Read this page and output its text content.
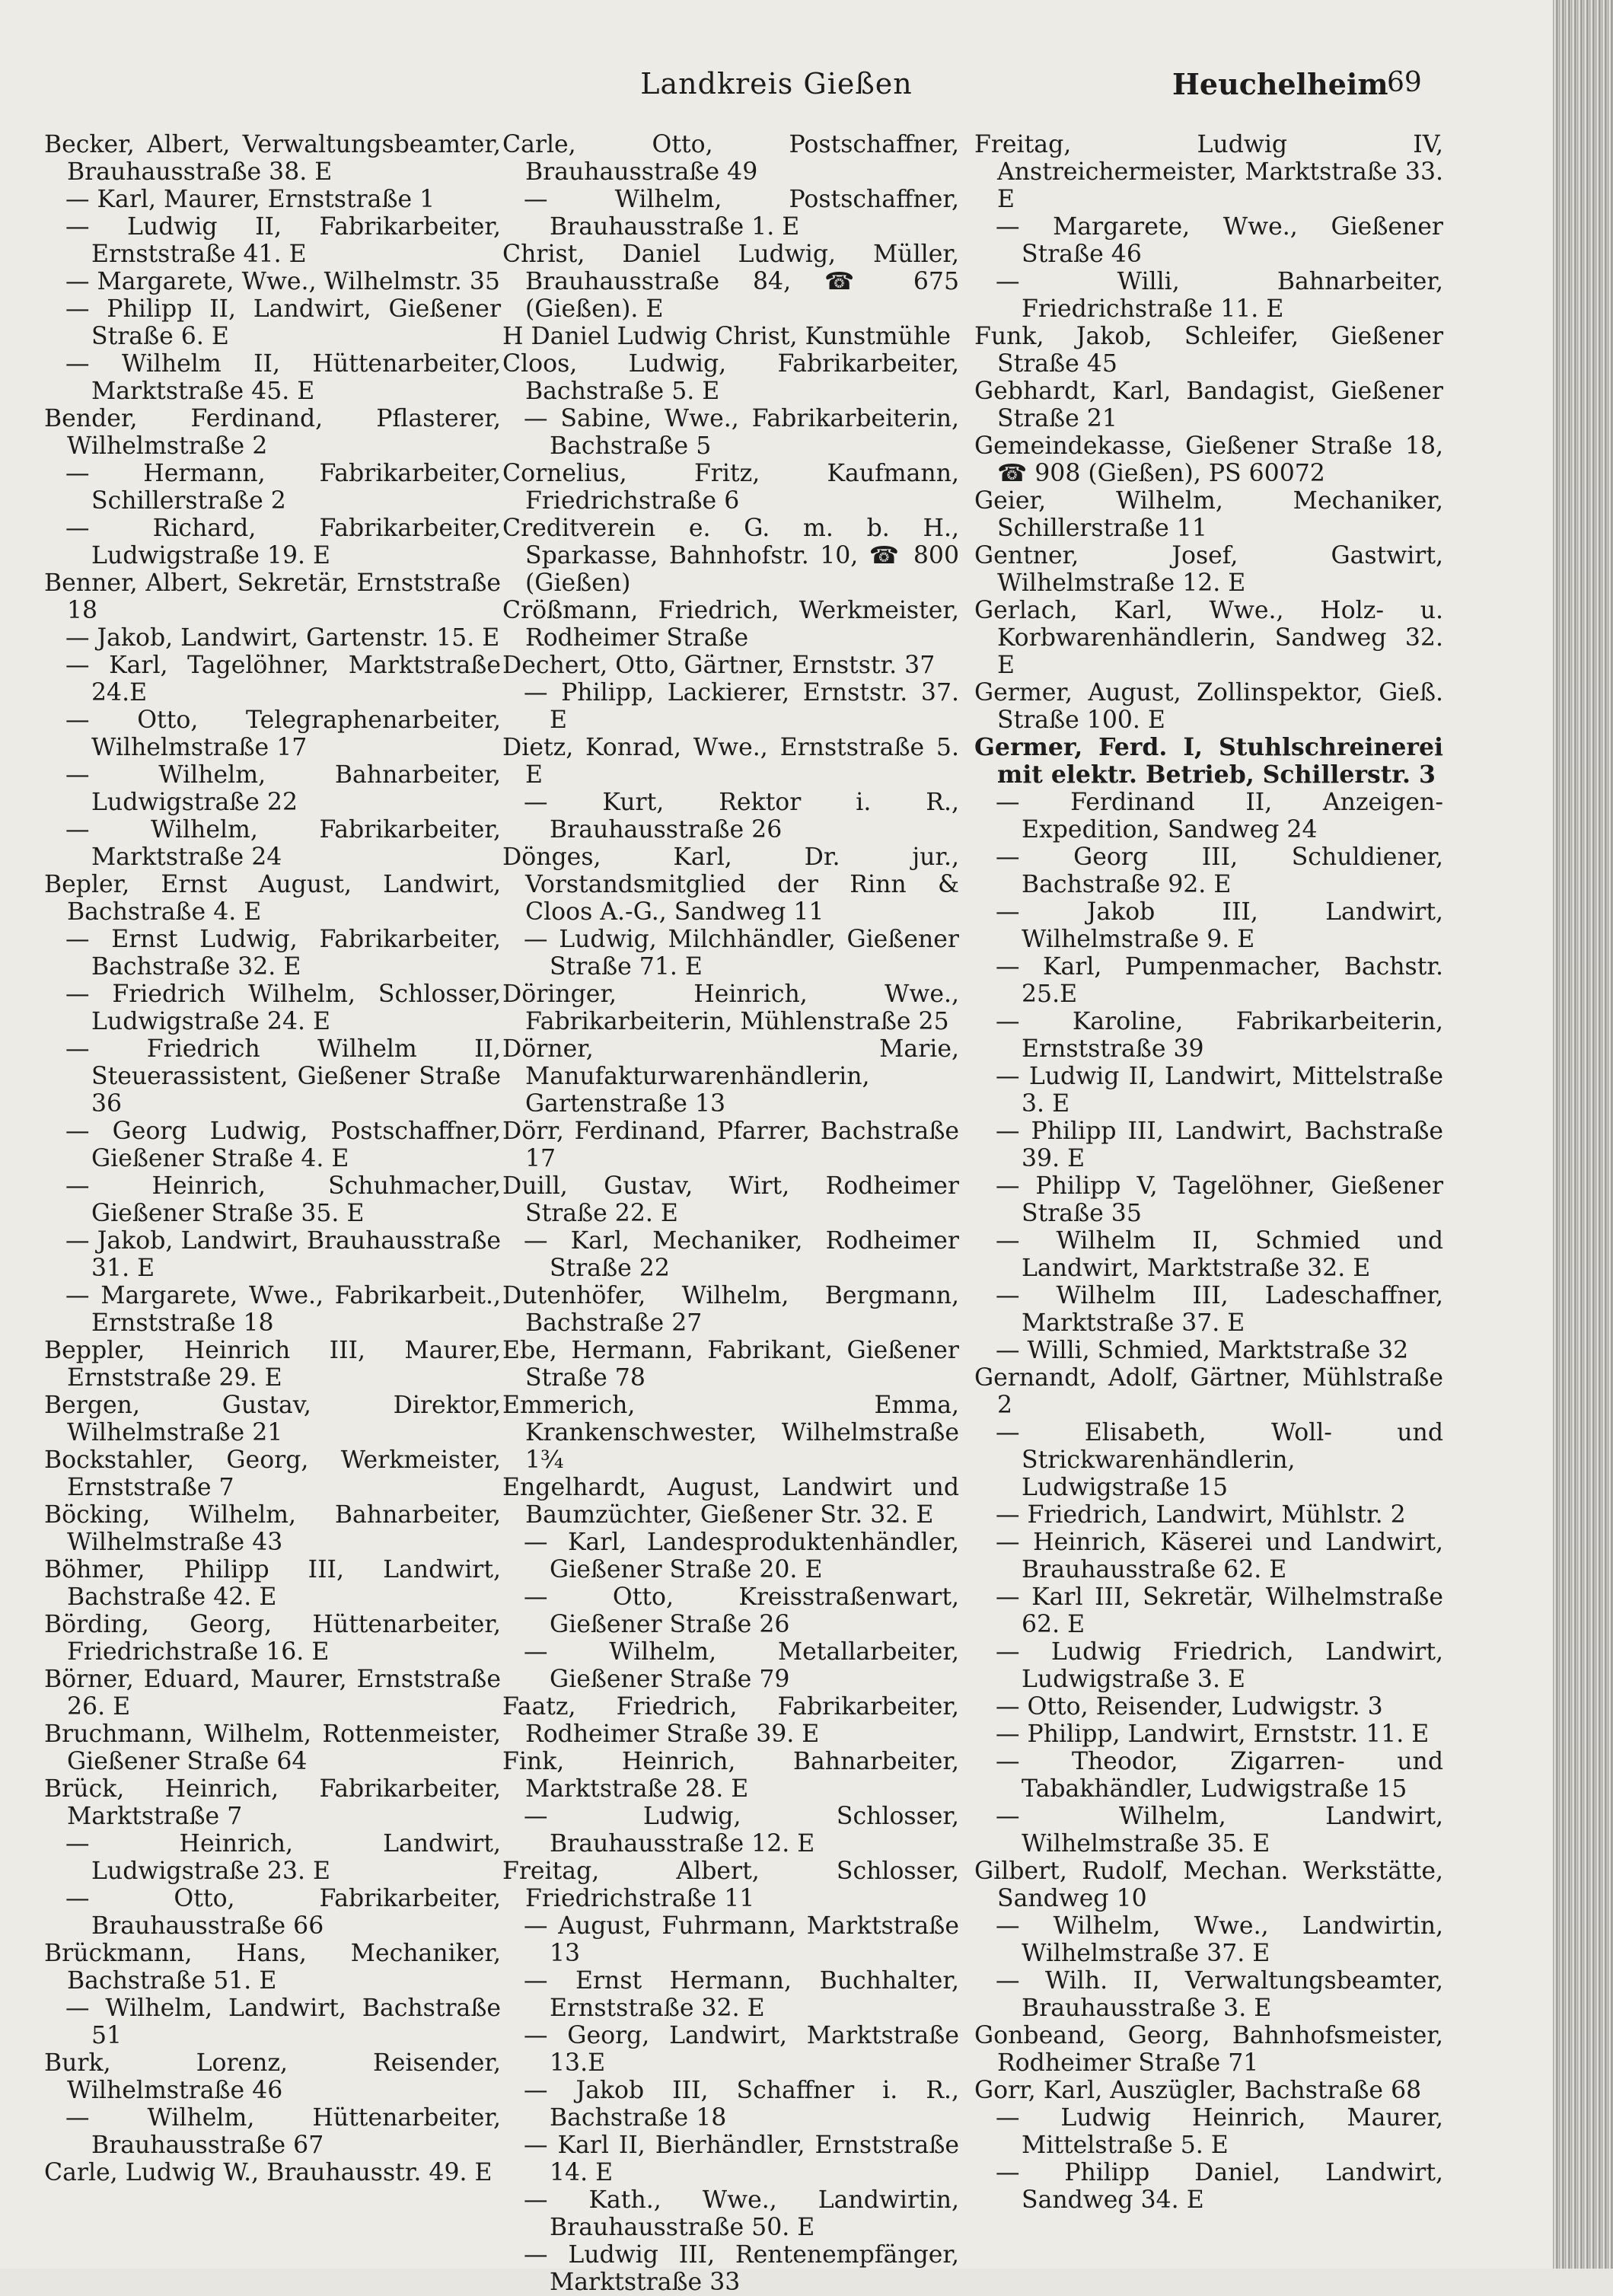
Landkreis Gießen	Heuchelheim
69

Becker, Albert, Verwaltungsbeamter, Brauhausstraße 38. E

— Karl, Maurer, Ernststraße 1

— Ludwig II, Fabrikarbeiter, Ernststraße 41. E

— Margarete, Wwe., Wilhelmstr. 35

— Philipp II, Landwirt, Gießener Straße 6. E

— Wilhelm II, Hüttenarbeiter, Marktstraße 45. E

Bender, Ferdinand, Pflasterer, Wilhelmstraße 2

— Hermann, Fabrikarbeiter, Schillerstraße 2

— Richard, Fabrikarbeiter, Ludwigstraße 19. E

Benner, Albert, Sekretär, Ernststraße 18

— Jakob, Landwirt, Gartenstr. 15. E

— Karl, Tagelöhner, Marktstraße 24.E

— Otto, Telegraphenarbeiter, Wilhelmstraße 17

— Wilhelm, Bahnarbeiter, Ludwigstraße 22

— Wilhelm, Fabrikarbeiter, Marktstraße 24

Bepler, Ernst August, Landwirt, Bachstraße 4. E

— Ernst Ludwig, Fabrikarbeiter, Bachstraße 32. E

— Friedrich Wilhelm, Schlosser, Ludwigstraße 24. E

— Friedrich Wilhelm II, Steuerassistent, Gießener Straße 36

— Georg Ludwig, Postschaffner, Gießener Straße 4. E

— Heinrich, Schuhmacher, Gießener Straße 35. E

— Jakob, Landwirt, Brauhausstraße 31. E

— Margarete, Wwe., Fabrikarbeit., Ernststraße 18

Beppler, Heinrich III, Maurer, Ernststraße 29. E

Bergen, Gustav, Direktor, Wilhelmstraße 21

Bockstahler, Georg, Werkmeister, Ernststraße 7

Böcking, Wilhelm, Bahnarbeiter, Wilhelmstraße 43

Böhmer, Philipp III, Landwirt, Bachstraße 42. E

Börding, Georg, Hüttenarbeiter, Friedrichstraße 16. E

Börner, Eduard, Maurer, Ernststraße 26. E

Bruchmann, Wilhelm, Rottenmeister, Gießener Straße 64

Brück, Heinrich, Fabrikarbeiter, Marktstraße 7

— Heinrich, Landwirt, Ludwigstraße 23. E

— Otto, Fabrikarbeiter, Brauhausstraße 66

Brückmann, Hans, Mechaniker, Bachstraße 51. E

— Wilhelm, Landwirt, Bachstraße 51

Burk, Lorenz, Reisender, Wilhelmstraße 46

— Wilhelm, Hüttenarbeiter, Brauhausstraße 67

Carle, Ludwig W., Brauhausstr. 49. E

Carle, Otto, Postschaffner, Brauhausstraße 49

— Wilhelm, Postschaffner, Brauhausstraße 1. E

Christ, Daniel Ludwig, Müller, Brauhausstraße 84, ☎ 675 (Gießen). E

H Daniel Ludwig Christ, Kunstmühle

Cloos, Ludwig, Fabrikarbeiter, Bachstraße 5. E

— Sabine, Wwe., Fabrikarbeiterin, Bachstraße 5

Cornelius, Fritz, Kaufmann, Friedrichstraße 6

Creditverein e. G. m. b. H., Sparkasse, Bahnhofstr. 10, ☎ 800 (Gießen)

Crößmann, Friedrich, Werkmeister, Rodheimer Straße

Dechert, Otto, Gärtner, Ernststr. 37

— Philipp, Lackierer, Ernststr. 37. E

Dietz, Konrad, Wwe., Ernststraße 5. E

— Kurt, Rektor i. R., Brauhausstraße 26

Dönges, Karl, Dr. jur., Vorstandsmitglied der Rinn & Cloos A.-G., Sandweg 11

— Ludwig, Milchhändler, Gießener Straße 71. E

Döringer, Heinrich, Wwe., Fabrikarbeiterin, Mühlenstraße 25

Dörner, Marie, Manufakturwarenhändlerin, Gartenstraße 13

Dörr, Ferdinand, Pfarrer, Bachstraße 17

Duill, Gustav, Wirt, Rodheimer Straße 22. E

— Karl, Mechaniker, Rodheimer Straße 22

Dutenhöfer, Wilhelm, Bergmann, Bachstraße 27

Ebe, Hermann, Fabrikant, Gießener Straße 78

Emmerich, Emma, Krankenschwester, Wilhelmstraße 1¾

Engelhardt, August, Landwirt und Baumzüchter, Gießener Str. 32. E

— Karl, Landesproduktenhändler, Gießener Straße 20. E

— Otto, Kreisstraßenwart, Gießener Straße 26

— Wilhelm, Metallarbeiter, Gießener Straße 79

Faatz, Friedrich, Fabrikarbeiter, Rodheimer Straße 39. E

Fink, Heinrich, Bahnarbeiter, Marktstraße 28. E

— Ludwig, Schlosser, Brauhausstraße 12. E

Freitag, Albert, Schlosser, Friedrichstraße 11

— August, Fuhrmann, Marktstraße 13

— Ernst Hermann, Buchhalter, Ernststraße 32. E

— Georg, Landwirt, Marktstraße 13.E

— Jakob III, Schaffner i. R., Bachstraße 18

— Karl II, Bierhändler, Ernststraße 14. E

— Kath., Wwe., Landwirtin, Brauhausstraße 50. E

— Ludwig III, Rentenempfänger, Marktstraße 33

Freitag, Ludwig IV, Anstreichermeister, Marktstraße 33. E

— Margarete, Wwe., Gießener Straße 46

— Willi, Bahnarbeiter, Friedrichstraße 11. E

Funk, Jakob, Schleifer, Gießener Straße 45

Gebhardt, Karl, Bandagist, Gießener Straße 21

Gemeindekasse, Gießener Straße 18, ☎ 908 (Gießen), PS 60072

Geier, Wilhelm, Mechaniker, Schillerstraße 11

Gentner, Josef, Gastwirt, Wilhelmstraße 12. E

Gerlach, Karl, Wwe., Holz- u. Korbwarenhändlerin, Sandweg 32. E

Germer, August, Zollinspektor, Gieß. Straße 100. E

Germer, Ferd. I, Stuhlschreinerei mit elektr. Betrieb, Schillerstr. 3

— Ferdinand II, Anzeigen-Expedition, Sandweg 24

— Georg III, Schuldiener, Bachstraße 92. E

— Jakob III, Landwirt, Wilhelmstraße 9. E

— Karl, Pumpenmacher, Bachstr. 25.E

— Karoline, Fabrikarbeiterin, Ernststraße 39

— Ludwig II, Landwirt, Mittelstraße 3. E

— Philipp III, Landwirt, Bachstraße 39. E

— Philipp V, Tagelöhner, Gießener Straße 35

— Wilhelm II, Schmied und Landwirt, Marktstraße 32. E

— Wilhelm III, Ladeschaffner, Marktstraße 37. E

— Willi, Schmied, Marktstraße 32

Gernandt, Adolf, Gärtner, Mühlstraße 2

— Elisabeth, Woll- und Strickwarenhändlerin, Ludwigstraße 15

— Friedrich, Landwirt, Mühlstr. 2

— Heinrich, Käserei und Landwirt, Brauhausstraße 62. E

— Karl III, Sekretär, Wilhelmstraße 62. E

— Ludwig Friedrich, Landwirt, Ludwigstraße 3. E

— Otto, Reisender, Ludwigstr. 3

— Philipp, Landwirt, Ernststr. 11. E

— Theodor, Zigarren- und Tabakhändler, Ludwigstraße 15

— Wilhelm, Landwirt, Wilhelmstraße 35. E

Gilbert, Rudolf, Mechan. Werkstätte, Sandweg 10

— Wilhelm, Wwe., Landwirtin, Wilhelmstraße 37. E

— Wilh. II, Verwaltungsbeamter, Brauhausstraße 3. E

Gonbeand, Georg, Bahnhofsmeister, Rodheimer Straße 71

Gorr, Karl, Auszügler, Bachstraße 68

— Ludwig Heinrich, Maurer, Mittelstraße 5. E

— Philipp Daniel, Landwirt, Sandweg 34. E
